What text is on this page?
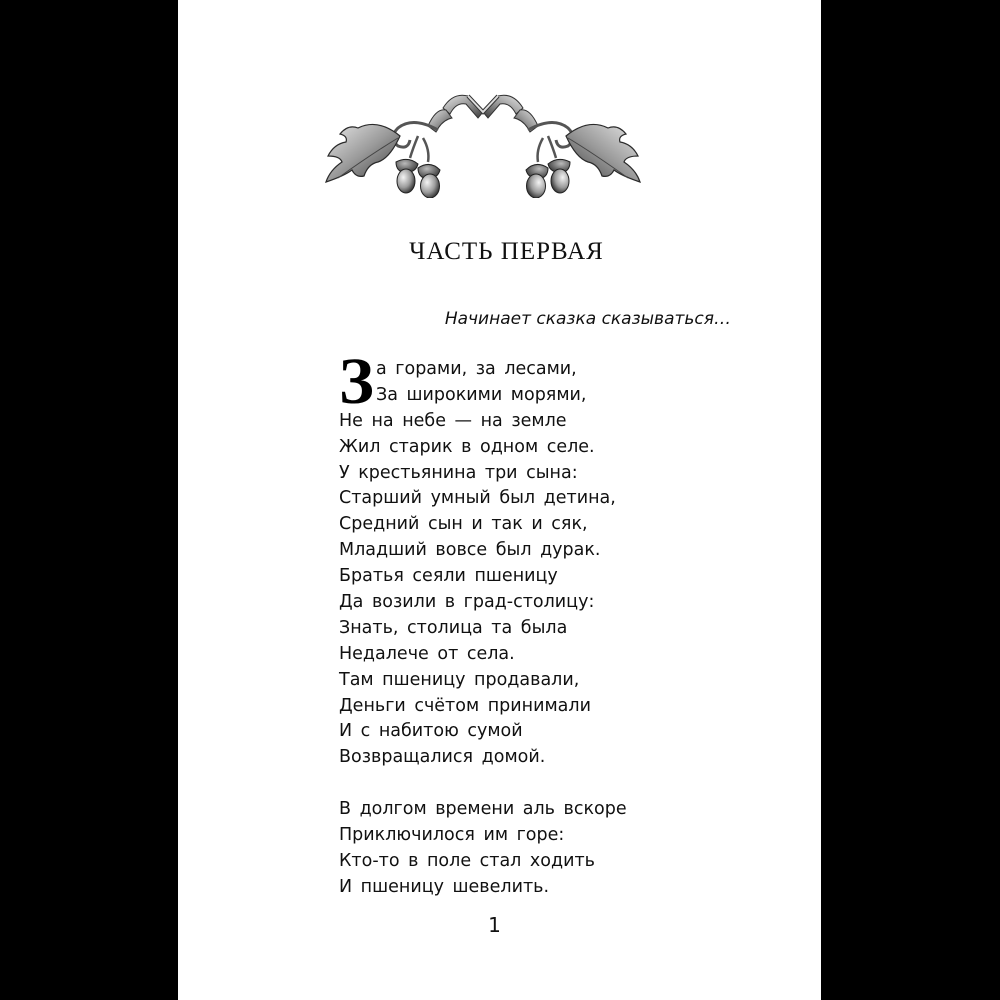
ЧАСТЬ ПЕРВАЯ
Начинает сказка сказываться…
З а горами, за лесами,
За широкими морями,
Не на небе — на земле
Жил старик в одном селе.
У крестьянина три сына:
Старший умный был детина,
Средний сын и так и сяк,
Младший вовсе был дурак.
Братья сеяли пшеницу
Да возили в град-столицу:
Знать, столица та была
Недалече от села.
Там пшеницу продавали,
Деньги счётом принимали
И с набитою сумой
Возвращалися домой.
В долгом времени аль вскоре
Приключилося им горе:
Кто-то в поле стал ходить
И пшеницу шевелить.
1
